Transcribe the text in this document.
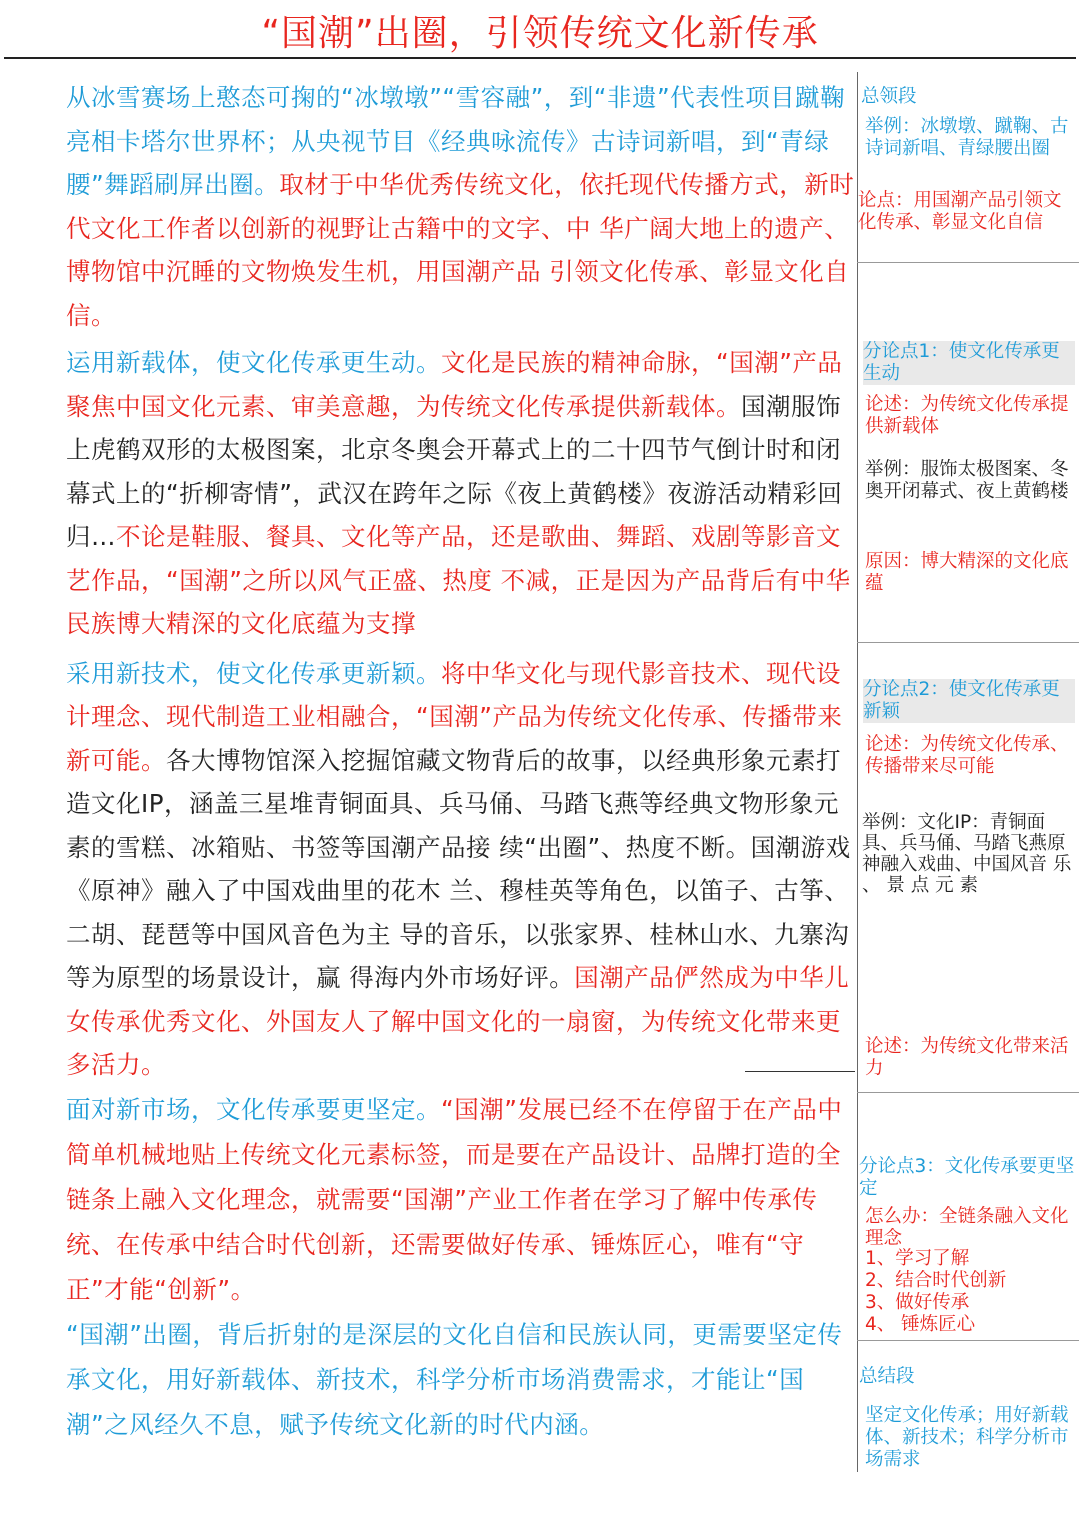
“国潮”出圈，引领传统文化新传承

从冰雪赛场上憨态可掬的“冰墩墩”“雪容融”，到“非遗”代表性项目蹴鞠亮相卡塔尔世界杯；从央视节目《经典咏流传》古诗词新唱，到“青绿腰”舞蹈刷屏出圈。取材于中华优秀传统文化，依托现代传播方式，新时代文化工作者以创新的视野让古籍中的文字、中 华广阔大地上的遗产、博物馆中沉睡的文物焕发生机，用国潮产品 引领文化传承、彰显文化自信。

运用新载体，使文化传承更生动。文化是民族的精神命脉，“国潮”产品聚焦中国文化元素、审美意趣，为传统文化传承提供新载体。国潮服饰上虎鹤双形的太极图案，北京冬奥会开幕式上的二十四节气倒计时和闭幕式上的“折柳寄情”，武汉在跨年之际《夜上黄鹤楼》夜游活动精彩回归…不论是鞋服、餐具、文化等产品，还是歌曲、舞蹈、戏剧等影音文艺作品，“国潮”之所以风气正盛、热度 不减，正是因为产品背后有中华民族博大精深的文化底蕴为支撑

采用新技术，使文化传承更新颖。将中华文化与现代影音技术、现代设计理念、现代制造工业相融合，“国潮”产品为传统文化传承、传播带来新可能。各大博物馆深入挖掘馆藏文物背后的故事，以经典形象元素打造文化IP，涵盖三星堆青铜面具、兵马俑、马踏飞燕等经典文物形象元素的雪糕、冰箱贴、书签等国潮产品接 续“出圈”、热度不断。国潮游戏《原神》融入了中国戏曲里的花木 兰、穆桂英等角色，以笛子、古筝、二胡、琵琶等中国风音色为主 导的音乐，以张家界、桂林山水、九寨沟等为原型的场景设计，赢 得海内外市场好评。国潮产品俨然成为中华儿女传承优秀文化、外国友人了解中国文化的一扇窗，为传统文化带来更多活力。

面对新市场，文化传承要更坚定。“国潮”发展已经不在停留于在产品中简单机械地贴上传统文化元素标签，而是要在产品设计、品牌打造的全链条上融入文化理念，就需要“国潮”产业工作者在学习了解中传承传统、在传承中结合时代创新，还需要做好传承、锤炼匠心，唯有“守正”才能“创新”。

“国潮”出圈，背后折射的是深层的文化自信和民族认同，更需要坚定传承文化，用好新载体、新技术，科学分析市场消费需求，才能让“国潮”之风经久不息，赋予传统文化新的时代内涵。

总领段
举例：冰墩墩、蹴鞠、古诗词新唱、青绿腰出圈
论点：用国潮产品引领文化传承、彰显文化自信
分论点1：使文化传承更生动
论述：为传统文化传承提供新载体
举例：服饰太极图案、冬奥开闭幕式、夜上黄鹤楼
原因：博大精深的文化底蕴
分论点2：使文化传承更新颖
论述：为传统文化传承、传播带来尽可能
举例：文化IP：青铜面具、兵马俑、马踏飞燕原神融入戏曲、中国风音 乐 、 景 点 元 素
论述：为传统文化带来活力
分论点3：文化传承要更坚定
怎么办：全链条融入文化理念
1、学习了解
2、结合时代创新
3、做好传承
4、 锤炼匠心
总结段
坚定文化传承；用好新载体、新技术；科学分析市场需求
